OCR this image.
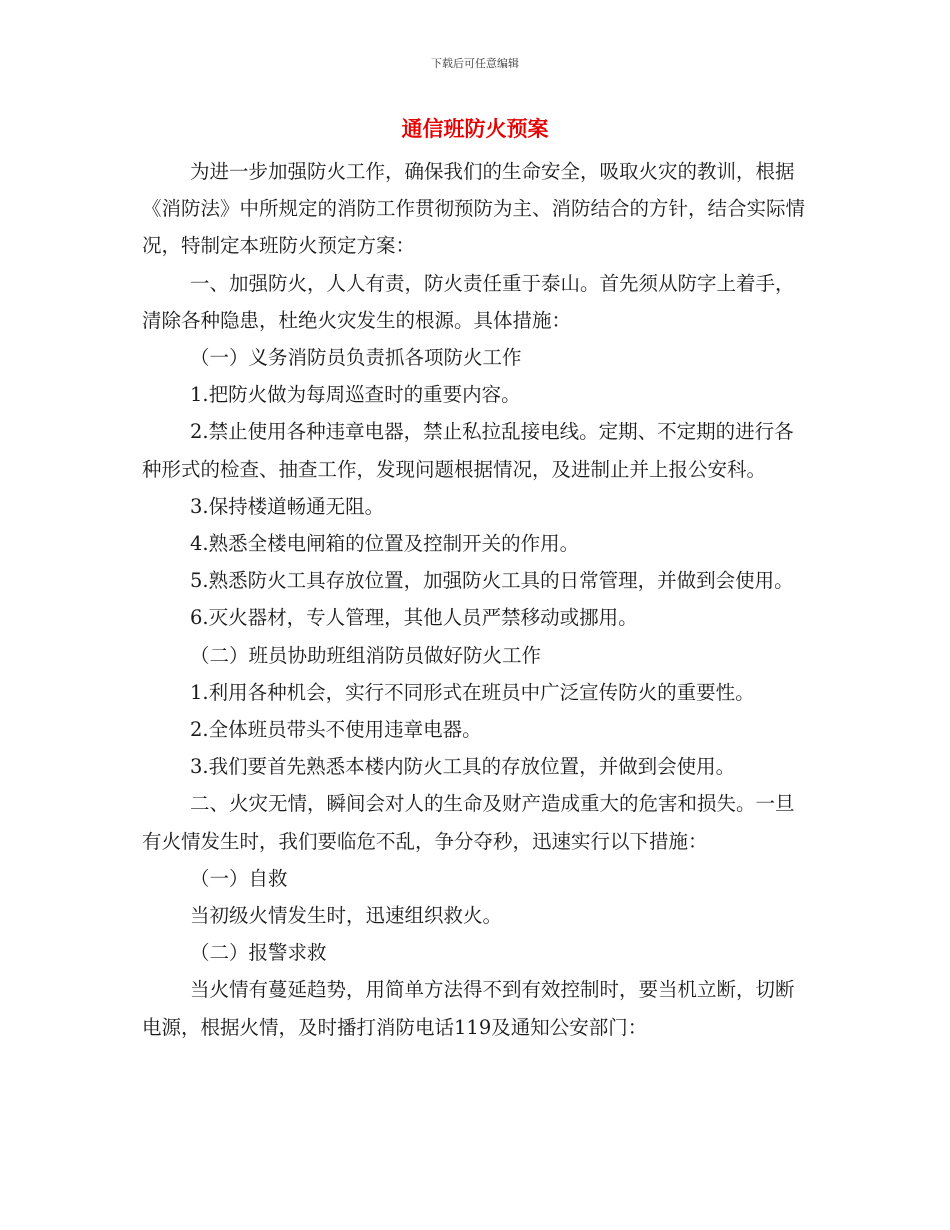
下载后可任意编辑
通信班防火预案

为进一步加强防火工作，确保我们的生命安全，吸取火灾的教训，根据《消防法》中所规定的消防工作贯彻预防为主、消防结合的方针，结合实际情况，特制定本班防火预定方案：

一、加强防火，人人有责，防火责任重于泰山。首先须从防字上着手，清除各种隐患，杜绝火灾发生的根源。具体措施：

（一）义务消防员负责抓各项防火工作

1.把防火做为每周巡查时的重要内容。

2.禁止使用各种违章电器，禁止私拉乱接电线。定期、不定期的进行各种形式的检查、抽查工作，发现问题根据情况，及进制止并上报公安科。

3.保持楼道畅通无阻。

4.熟悉全楼电闸箱的位置及控制开关的作用。

5.熟悉防火工具存放位置，加强防火工具的日常管理，并做到会使用。

6.灭火器材，专人管理，其他人员严禁移动或挪用。

（二）班员协助班组消防员做好防火工作

1.利用各种机会，实行不同形式在班员中广泛宣传防火的重要性。

2.全体班员带头不使用违章电器。

3.我们要首先熟悉本楼内防火工具的存放位置，并做到会使用。

二、火灾无情，瞬间会对人的生命及财产造成重大的危害和损失。一旦有火情发生时，我们要临危不乱，争分夺秒，迅速实行以下措施：

（一）自救

当初级火情发生时，迅速组织救火。

（二）报警求救

当火情有蔓延趋势，用简单方法得不到有效控制时，要当机立断，切断电源，根据火情，及时播打消防电话119及通知公安部门：
